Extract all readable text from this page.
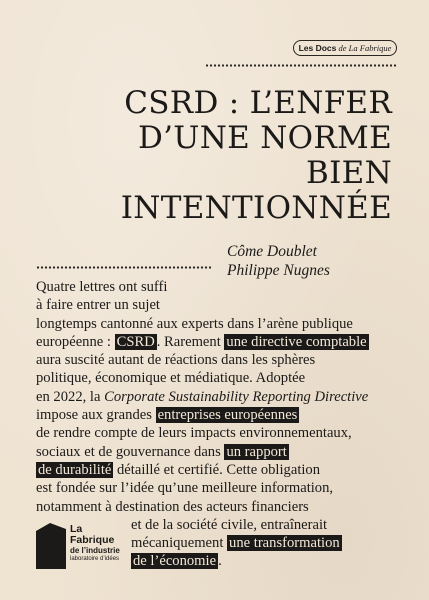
Les Docs de La Fabrique
CSRD : L’ENFER
D’UNE NORME
BIEN
INTENTIONNÉE
Côme Doublet
Philippe Nugnes
Quatre lettres ont suffi
à faire entrer un sujet
longtemps cantonné aux experts dans l’arène publique
européenne : CSRD . Rarement une directive comptable
aura suscité autant de réactions dans les sphères
politique, économique et médiatique. Adoptée
en 2022, la Corporate Sustainability Reporting Directive
impose aux grandes entreprises européennes
de rendre compte de leurs impacts environnementaux,
sociaux et de gouvernance dans un rapport
de durabilité détaillé et certifié. Cette obligation
est fondée sur l’idée qu’une meilleure information,
notamment à destination des acteurs financiers
et de la société civile, entraînerait
mécaniquement une transformation
de l’économie .
La
Fabrique
de l’industrie
laboratoire d’idées
